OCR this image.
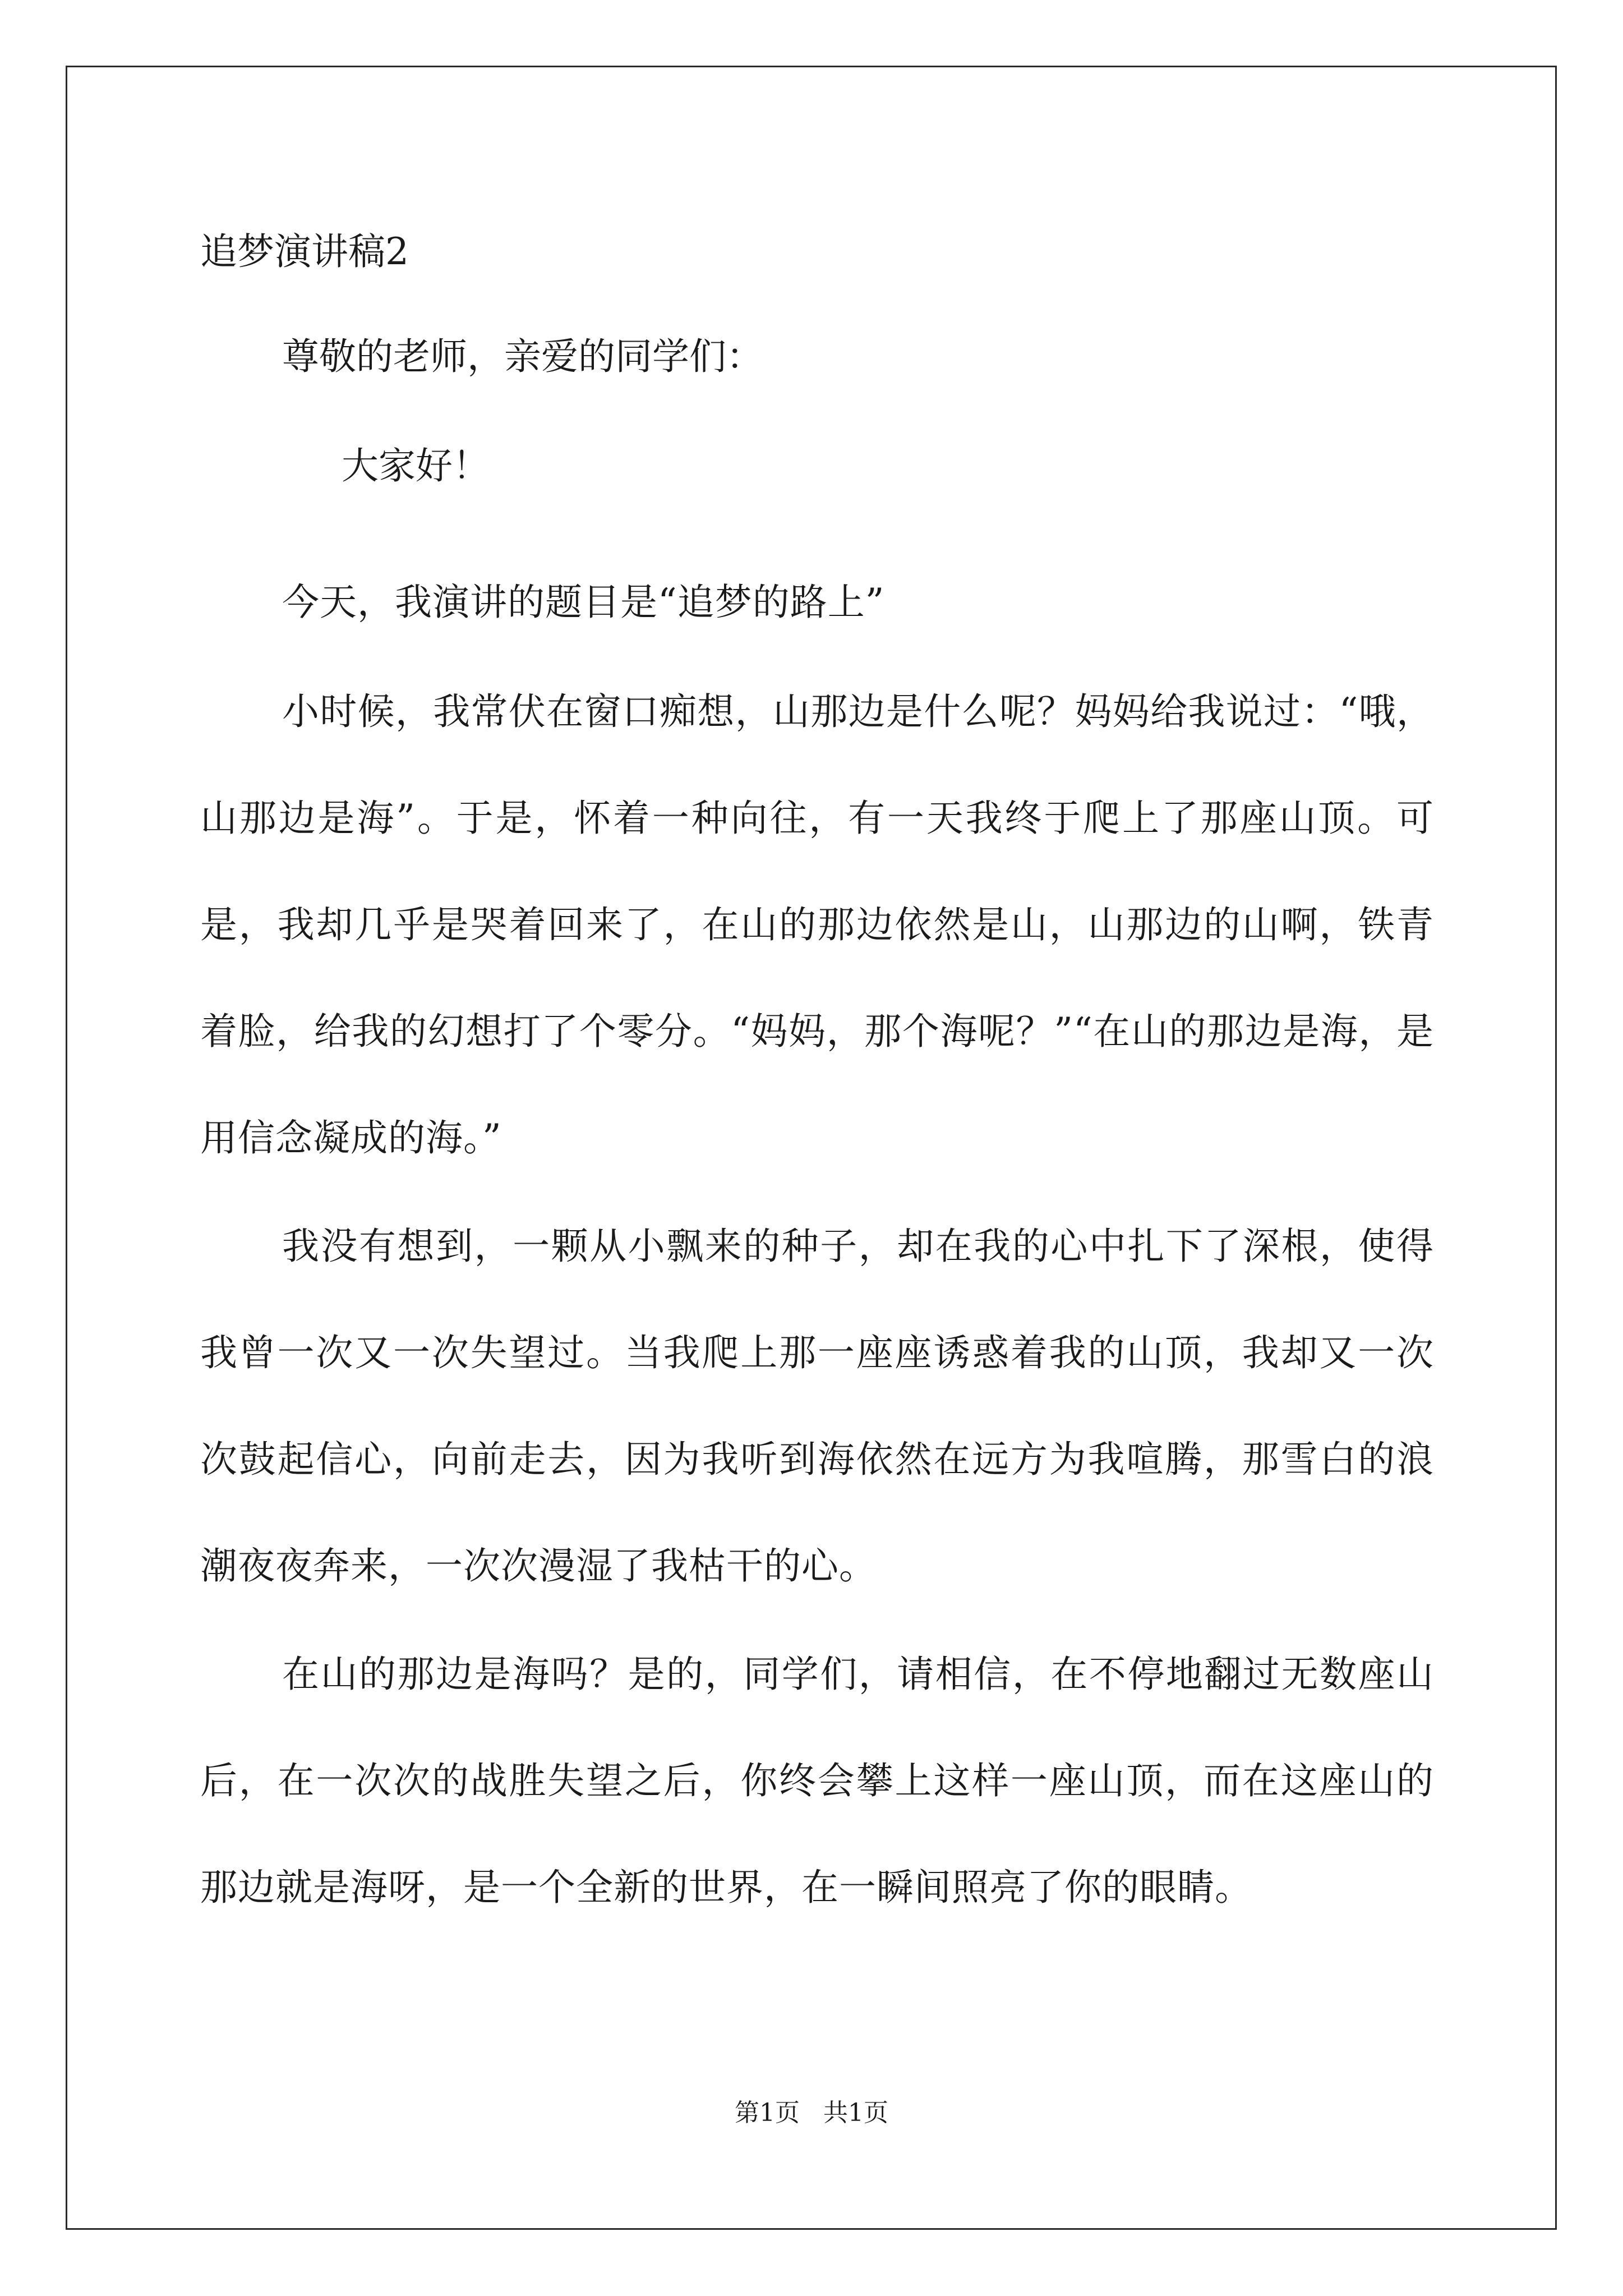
追梦演讲稿2
尊敬的老师，亲爱的同学们：
大家好！

今天，我演讲的题目是“追梦的路上”

小时候，我常伏在窗口痴想，山那边是什么呢？妈妈给我说过：“哦，山那边是海”。于是，怀着一种向往，有一天我终于爬上了那座山顶。可是，我却几乎是哭着回来了，在山的那边依然是山，山那边的山啊，铁青着脸，给我的幻想打了个零分。“妈妈，那个海呢？”“在山的那边是海，是用信念凝成的海。”

我没有想到，一颗从小飘来的种子，却在我的心中扎下了深根，使得我曾一次又一次失望过。当我爬上那一座座诱惑着我的山顶，我却又一次次鼓起信心，向前走去，因为我听到海依然在远方为我喧腾，那雪白的浪潮夜夜奔来，一次次漫湿了我枯干的心。

在山的那边是海吗？是的，同学们，请相信，在不停地翻过无数座山后，在一次次的战胜失望之后，你终会攀上这样一座山顶，而在这座山的那边就是海呀，是一个全新的世界，在一瞬间照亮了你的眼睛。

第1页   共1页
